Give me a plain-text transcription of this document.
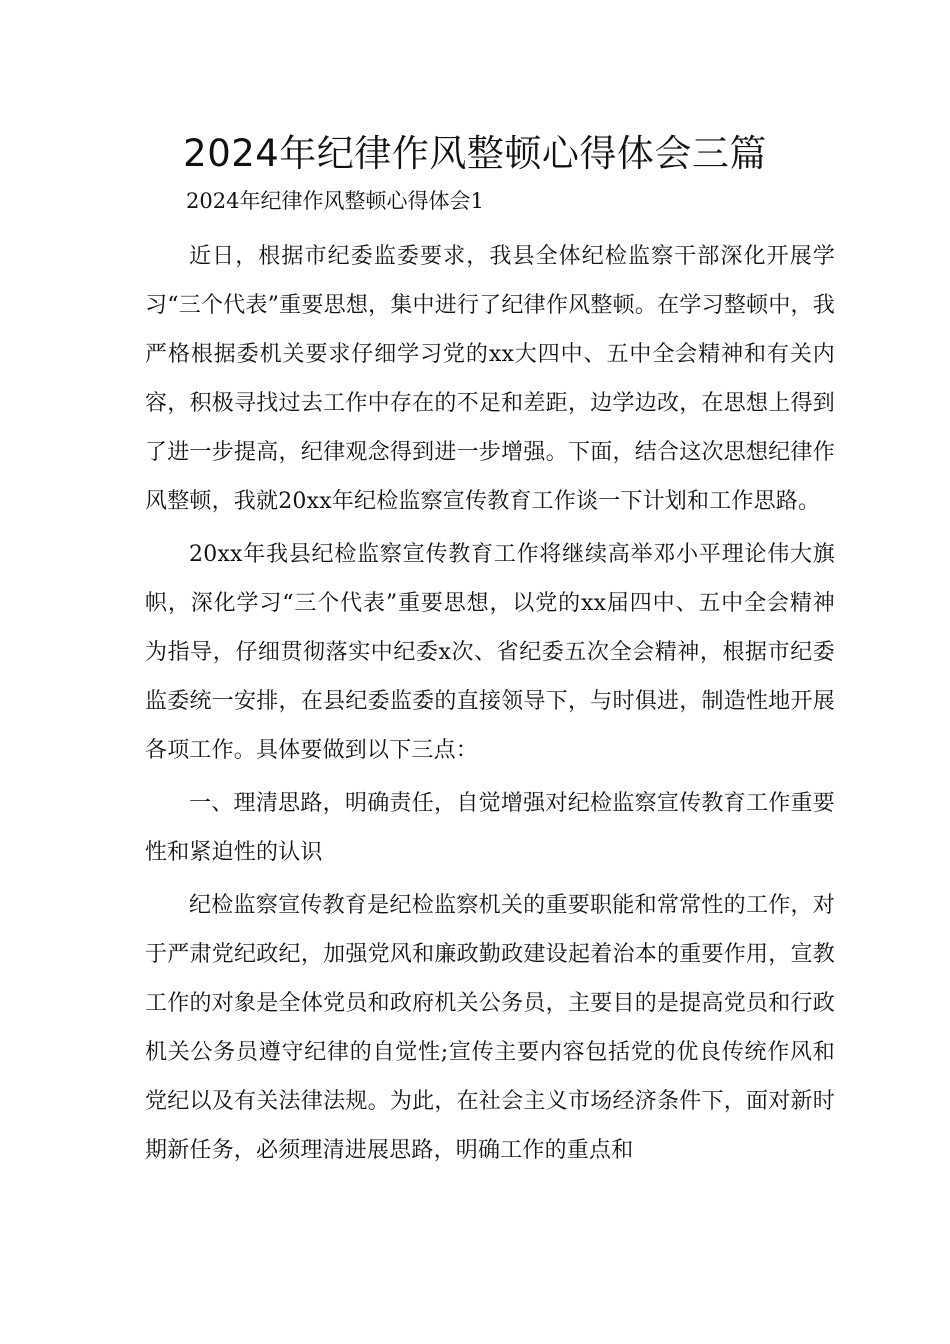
2024年纪律作风整顿心得体会三篇

2024年纪律作风整顿心得体会1

近日，根据市纪委监委要求，我县全体纪检监察干部深化开展学习“三个代表”重要思想，集中进行了纪律作风整顿。在学习整顿中，我严格根据委机关要求仔细学习党的xx大四中、五中全会精神和有关内容，积极寻找过去工作中存在的不足和差距，边学边改，在思想上得到了进一步提高，纪律观念得到进一步增强。下面，结合这次思想纪律作风整顿，我就20xx年纪检监察宣传教育工作谈一下计划和工作思路。

20xx年我县纪检监察宣传教育工作将继续高举邓小平理论伟大旗帜，深化学习“三个代表”重要思想，以党的xx届四中、五中全会精神为指导，仔细贯彻落实中纪委x次、省纪委五次全会精神，根据市纪委监委统一安排，在县纪委监委的直接领导下，与时俱进，制造性地开展各项工作。具体要做到以下三点：

一、理清思路，明确责任，自觉增强对纪检监察宣传教育工作重要性和紧迫性的认识

纪检监察宣传教育是纪检监察机关的重要职能和常常性的工作，对于严肃党纪政纪，加强党风和廉政勤政建设起着治本的重要作用，宣教工作的对象是全体党员和政府机关公务员，主要目的是提高党员和行政机关公务员遵守纪律的自觉性;宣传主要内容包括党的优良传统作风和党纪以及有关法律法规。为此，在社会主义市场经济条件下，面对新时期新任务，必须理清进展思路，明确工作的重点和
